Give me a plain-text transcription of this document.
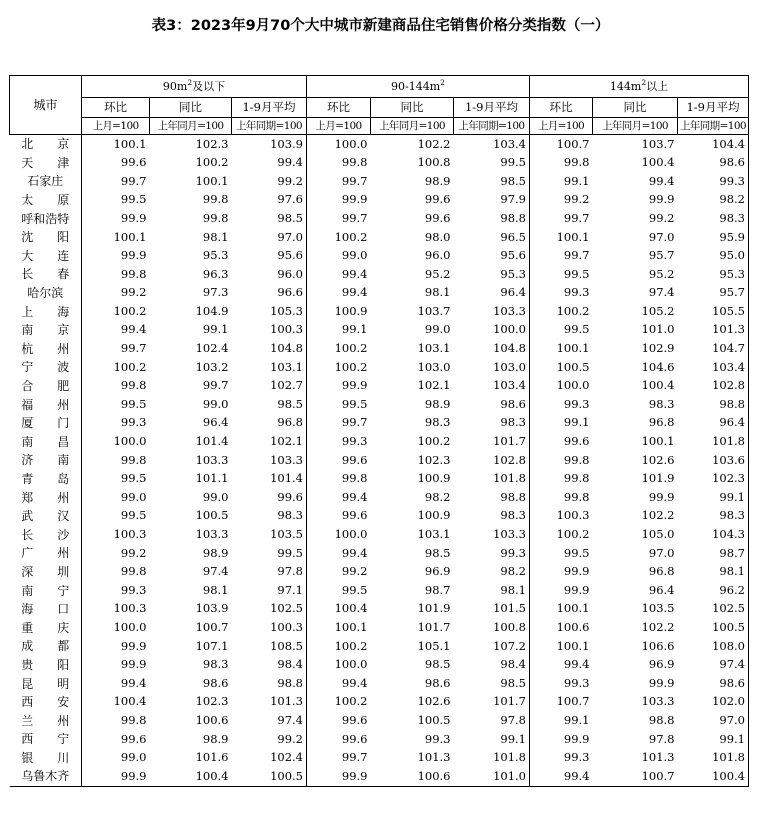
表3：2023年9月70个大中城市新建商品住宅销售价格分类指数（一）
城市	$90m^2$及以下			$90-144m^2$			$144m^2$以上		
	环比	同比	1-9月平均	环比	同比	1-9月平均	环比	同比	1-9月平均
	上月=100	上年同月=100	上年同期=100	上月=100	上年同月=100	上年同期=100	上月=100	上年同月=100	上年同期=100
北　　京	100.1	102.3	103.9	100.0	102.2	103.4	100.7	103.7	104.4
天　　津	99.6	100.2	99.4	99.8	100.8	99.5	99.8	100.4	98.6
石家庄	99.7	100.1	99.2	99.7	98.9	98.5	99.1	99.4	99.3
太　　原	99.5	99.8	97.6	99.9	99.6	97.9	99.2	99.9	98.2
呼和浩特	99.9	99.8	98.5	99.7	99.6	98.8	99.7	99.2	98.3
沈　　阳	100.1	98.1	97.0	100.2	98.0	96.5	100.1	97.0	95.9
大　　连	99.9	95.3	95.6	99.0	96.0	95.6	99.7	95.7	95.0
长　　春	99.8	96.3	96.0	99.4	95.2	95.3	99.5	95.2	95.3
哈尔滨	99.2	97.3	96.6	99.4	98.1	96.4	99.3	97.4	95.7
上　　海	100.2	104.9	105.3	100.9	103.7	103.3	100.2	105.2	105.5
南　　京	99.4	99.1	100.3	99.1	99.0	100.0	99.5	101.0	101.3
杭　　州	99.7	102.4	104.8	100.2	103.1	104.8	100.1	102.9	104.7
宁　　波	100.2	103.2	103.1	100.2	103.0	103.0	100.5	104.6	103.4
合　　肥	99.8	99.7	102.7	99.9	102.1	103.4	100.0	100.4	102.8
福　　州	99.5	99.0	98.5	99.5	98.9	98.6	99.3	98.3	98.8
厦　　门	99.3	96.4	96.8	99.7	98.3	98.3	99.1	96.8	96.4
南　　昌	100.0	101.4	102.1	99.3	100.2	101.7	99.6	100.1	101.8
济　　南	99.8	103.3	103.3	99.6	102.3	102.8	99.8	102.6	103.6
青　　岛	99.5	101.1	101.4	99.8	100.9	101.8	99.8	101.9	102.3
郑　　州	99.0	99.0	99.6	99.4	98.2	98.8	99.8	99.9	99.1
武　　汉	99.5	100.5	98.3	99.6	100.9	98.3	100.3	102.2	98.3
长　　沙	100.3	103.3	103.5	100.0	103.1	103.3	100.2	105.0	104.3
广　　州	99.2	98.9	99.5	99.4	98.5	99.3	99.5	97.0	98.7
深　　圳	99.8	97.4	97.8	99.2	96.9	98.2	99.9	96.8	98.1
南　　宁	99.3	98.1	97.1	99.5	98.7	98.1	99.9	96.4	96.2
海　　口	100.3	103.9	102.5	100.4	101.9	101.5	100.1	103.5	102.5
重　　庆	100.0	100.7	100.3	100.1	101.7	100.8	100.6	102.2	100.5
成　　都	99.9	107.1	108.5	100.2	105.1	107.2	100.1	106.6	108.0
贵　　阳	99.9	98.3	98.4	100.0	98.5	98.4	99.4	96.9	97.4
昆　　明	99.4	98.6	98.8	99.4	98.6	98.5	99.3	99.9	98.6
西　　安	100.4	102.3	101.3	100.2	102.6	101.7	100.7	103.3	102.0
兰　　州	99.8	100.6	97.4	99.6	100.5	97.8	99.1	98.8	97.0
西　　宁	99.6	98.9	99.2	99.6	99.3	99.1	99.9	97.8	99.1
银　　川	99.0	101.6	102.4	99.7	101.3	101.8	99.3	101.3	101.8
乌鲁木齐	99.9	100.4	100.5	99.9	100.6	101.0	99.4	100.7	100.4
